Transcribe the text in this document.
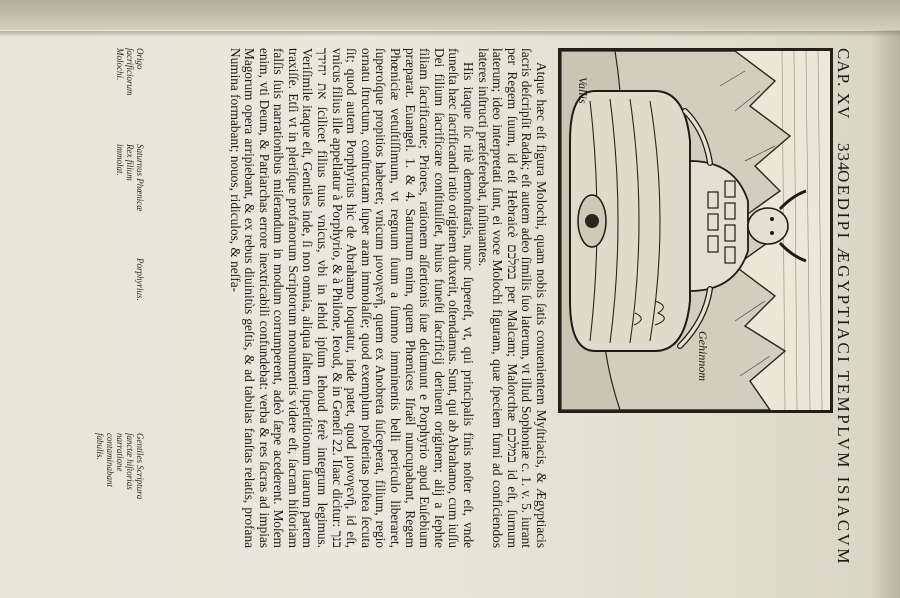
CAP. XV
334
OEDIPI ÆGYPTIACI TEMPLVM ISIACVM
Vallis
Gehinnom

Atque hæc eſt figura Molochi, quam nobis ſatis conuenientem Myſtriacis, & Ægyptiacis ſacris deſcripſit Radak; eſt autem adeo ſimilis ſuo laterum, vt illud Sophoniæ c. 1. v. 5. iurant per Regem ſuum, id eſt Hebraicè במלכם per Malcam; Malorcthæ במלכם id eſt, ſurnum laterum; ideo interpretati ſunt, ei voce Molochi figuram, quæ ſpeciem furni ad conficiendos lateres inſtructi præſeferebat, inſinuantes.

His itaque ſic ritè demonſtratis, nunc ſupereſt, vt, qui principalis finis noſter eſt, vnde funeſta hæc ſacrificandi ratio originem duxerit, oſtendamus. Sunt, qui ab Abrahamo, cum iuſſu Dei filium ſacrificare conſtituiſſet, huius funeſti ſacrificij deriuent originem; alij a Iephte filiam ſacrificante; Priores, rationem aſſertionis ſuæ deſumunt e Porphyrio apud Euſebium præparat. Euangel. 1. & 4. Saturnum enim, quem Phœnices Iſraël nuncupabant, Regem Phœniciæ vetuſtiſſimum, vt regnum ſuum a ſummo imminentis belli periculo liberaret, ſuperoſque propitios haberet; vnicum μονογενῆ, quem ex Anobreta ſuſceperat, filium, regio ornatu ſtructum, conſtructam ſuper aram immolaſſe; quod exemplum poſteritas poſtea ſecuta ſit; quod autem Porphyrius hic de Abrahamo loquatur, inde patet, quod μονογενῆ, id eſt, vnicus filius ille appellatur à Porphyrio, & à Philone, Ieoud, & in Geneſi 22. Iſaac dicitur: בנך את יחידך ſcilicet filius tuus vnicus, vbi in Iehid ipſum Iehoud ferè integrum legimus. Veriſimile itaque eſt, Gentiles inde, ſi non omnia, aliqua ſaltem ſuperſtitionum ſuarum partem traxiſſe. Etſi vt in pleriſque profanorum Scriptorum monumentis videre eſt, ſacram hiſtoriam falſis ſuis narrationibus miſerandum in modum corrumperent, adeò ſæpe acederent. Moſem enim, vti Deum, & Patriarchas errore inextricabili confundebat: verba & res ſacras ad impias Magorum opera arripiebant, & ex rebus diuinitùs geſtis, & ad tabulas fanſtas relatis, profana Numina formabant; nouos, ridiculos, & neſfa-

Origo ſacrificiorum Molochi.
Saturnus Phœnicæ Rex filium immolat.
Porphyrius.
Gentiles Scriptura ſanctæ hiſtorias narratione contaminabant fabulis.
